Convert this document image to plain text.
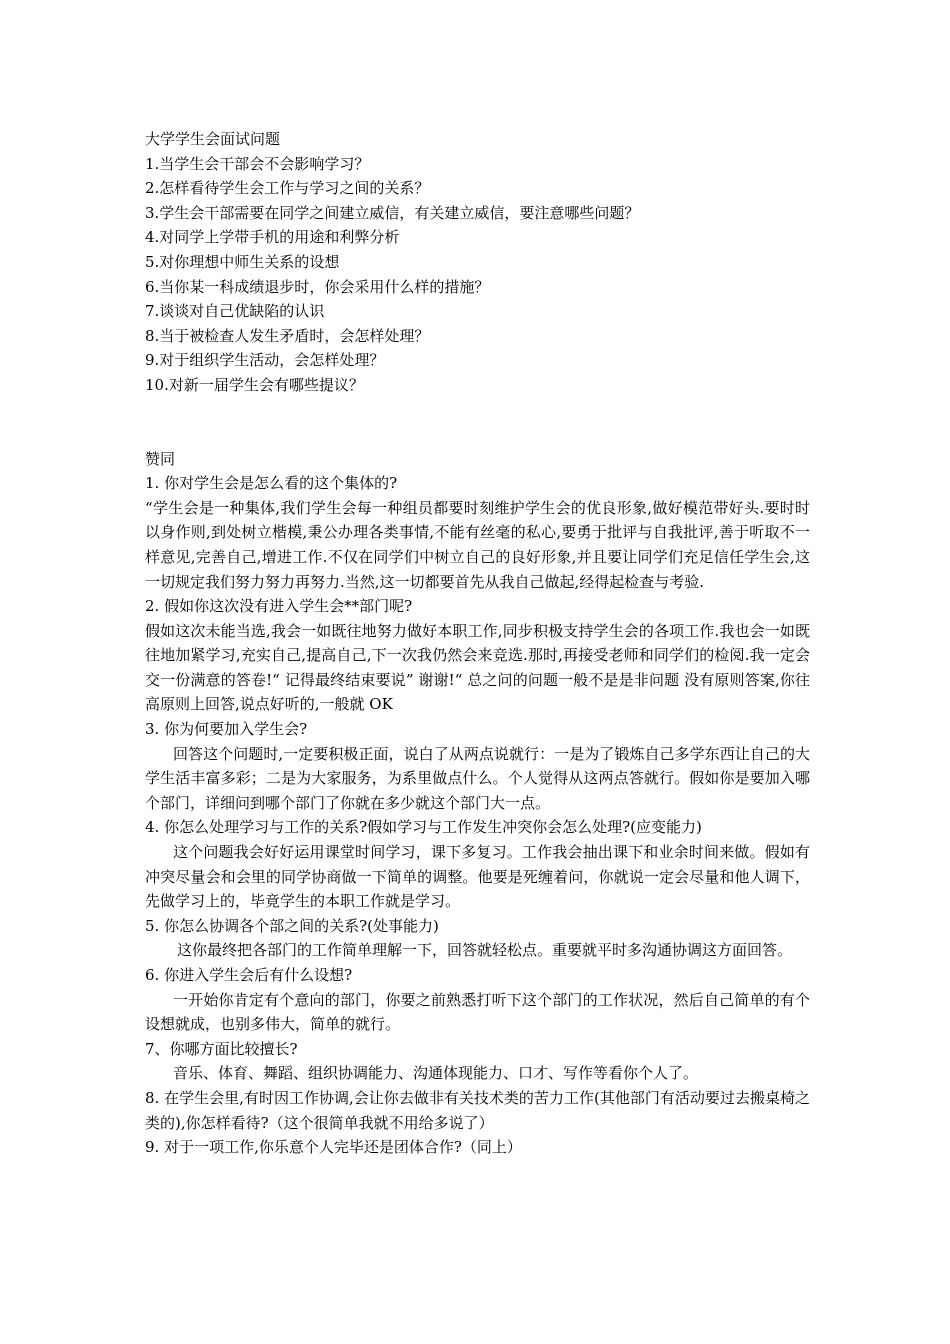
大学学生会面试问题

1.当学生会干部会不会影响学习？

2.怎样看待学生会工作与学习之间的关系？

3.学生会干部需要在同学之间建立威信，有关建立威信，要注意哪些问题？

4.对同学上学带手机的用途和利弊分析

5.对你理想中师生关系的设想

6.当你某一科成绩退步时，你会采用什么样的措施？

7.谈谈对自己优缺陷的认识

8.当于被检查人发生矛盾时，会怎样处理？

9.对于组织学生活动，会怎样处理？

10.对新一届学生会有哪些提议？

赞同

1. 你对学生会是怎么看的这个集体的?

“学生会是一种集体,我们学生会每一种组员都要时刻维护学生会的优良形象,做好模范带好头.要时时以身作则,到处树立楷模,秉公办理各类事情,不能有丝毫的私心,要勇于批评与自我批评,善于听取不一样意见,完善自己,增进工作.不仅在同学们中树立自己的良好形象,并且要让同学们充足信任学生会,这一切规定我们努力努力再努力.当然,这一切都要首先从我自己做起,经得起检查与考验.

2. 假如你这次没有进入学生会**部门呢?

假如这次未能当选,我会一如既往地努力做好本职工作,同步积极支持学生会的各项工作.我也会一如既往地加紧学习,充实自己,提高自己,下一次我仍然会来竞选.那时,再接受老师和同学们的检阅.我一定会交一份满意的答卷!“ 记得最终结束要说” 谢谢!“ 总之问的问题一般不是是非问题 没有原则答案,你往高原则上回答,说点好听的,一般就 OK

3. 你为何要加入学生会?

回答这个问题时,一定要积极正面，说白了从两点说就行：一是为了锻炼自己多学东西让自己的大学生活丰富多彩；二是为大家服务，为系里做点什么。个人觉得从这两点答就行。假如你是要加入哪个部门，详细问到哪个部门了你就在多少就这个部门大一点。

4. 你怎么处理学习与工作的关系?假如学习与工作发生冲突你会怎么处理?(应变能力)

这个问题我会好好运用课堂时间学习，课下多复习。工作我会抽出课下和业余时间来做。假如有冲突尽量会和会里的同学协商做一下简单的调整。他要是死缠着问，你就说一定会尽量和他人调下，先做学习上的，毕竟学生的本职工作就是学习。

5. 你怎么协调各个部之间的关系?(处事能力)

这你最终把各部门的工作简单理解一下，回答就轻松点。重要就平时多沟通协调这方面回答。

6. 你进入学生会后有什么设想?

一开始你肯定有个意向的部门，你要之前熟悉打听下这个部门的工作状况，然后自己简单的有个设想就成，也别多伟大，简单的就行。

7、你哪方面比较擅长?

音乐、体育、舞蹈、组织协调能力、沟通体现能力、口才、写作等看你个人了。

8. 在学生会里,有时因工作协调,会让你去做非有关技术类的苦力工作(其他部门有活动要过去搬桌椅之类的),你怎样看待?（这个很简单我就不用给多说了）

9. 对于一项工作,你乐意个人完毕还是团体合作?（同上）
